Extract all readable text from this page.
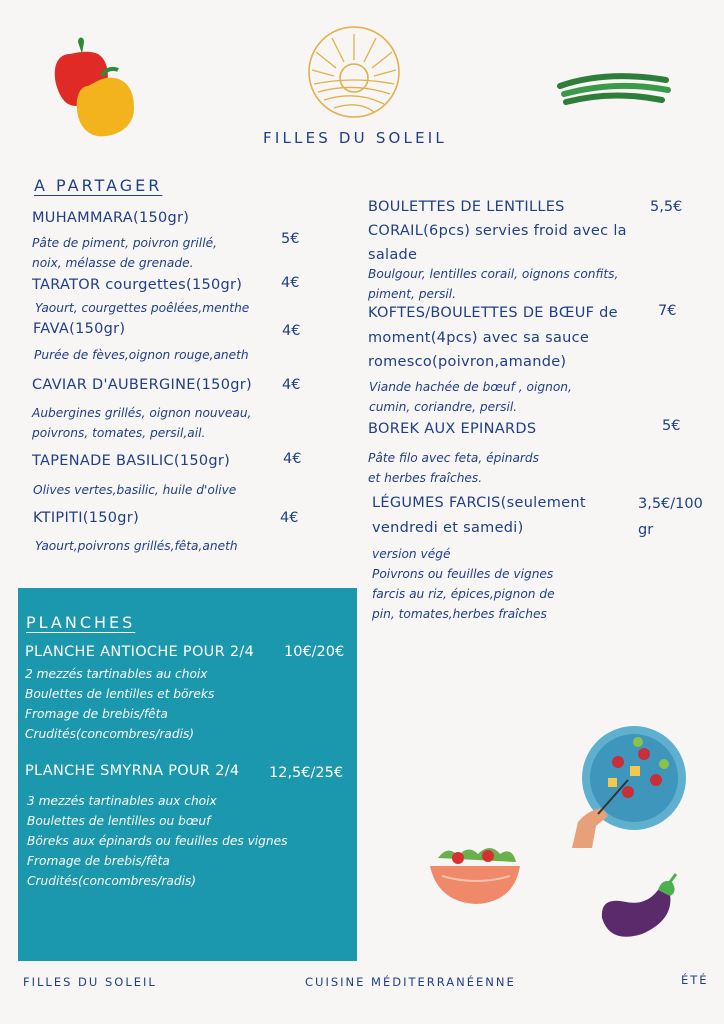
FILLES DU SOLEIL
A PARTAGER
MUHAMMARA(150gr)
Pâte de piment, poivron grillé,
noix, mélasse de grenade.
5€
TARATOR courgettes(150gr)
Yaourt, courgettes poêlées,menthe
4€
FAVA(150gr)
Purée de fèves,oignon rouge,aneth
4€
CAVIAR D'AUBERGINE(150gr)
Aubergines grillés, oignon nouveau,
poivrons, tomates, persil,ail.
4€
TAPENADE BASILIC(150gr)
Olives vertes,basilic, huile d'olive
4€
KTIPITI(150gr)
Yaourt,poivrons grillés,fêta,aneth
4€
BOULETTES DE LENTILLES
CORAIL(6pcs) servies froid avec la
salade
Boulgour, lentilles corail, oignons confits,
piment, persil.
5,5€
KOFTES/BOULETTES DE BŒUF de
moment(4pcs) avec sa sauce
romesco(poivron,amande)
Viande hachée de bœuf , oignon,
cumin, coriandre, persil.
7€
BOREK AUX EPINARDS
Pâte filo avec feta, épinards
et herbes fraîches.
5€
LÉGUMES FARCIS(seulement
vendredi et samedi)
version végé
Poivrons ou feuilles de vignes
farcis au riz, épices,pignon de
pin, tomates,herbes fraîches
3,5€/100
gr
PLANCHES
PLANCHE ANTIOCHE POUR 2/4 10€/20€
2 mezzés tartinables au choix
Boulettes de lentilles et böreks
Fromage de brebis/fêta
Crudités(concombres/radis)
PLANCHE SMYRNA POUR 2/4 12,5€/25€
3 mezzés tartinables aux choix
Boulettes de lentilles ou bœuf
Böreks aux épinards ou feuilles des vignes
Fromage de brebis/fêta
Crudités(concombres/radis)
FILLES DU SOLEIL	CUISINE MÉDITERRANÉENNE	ÉTÉ
